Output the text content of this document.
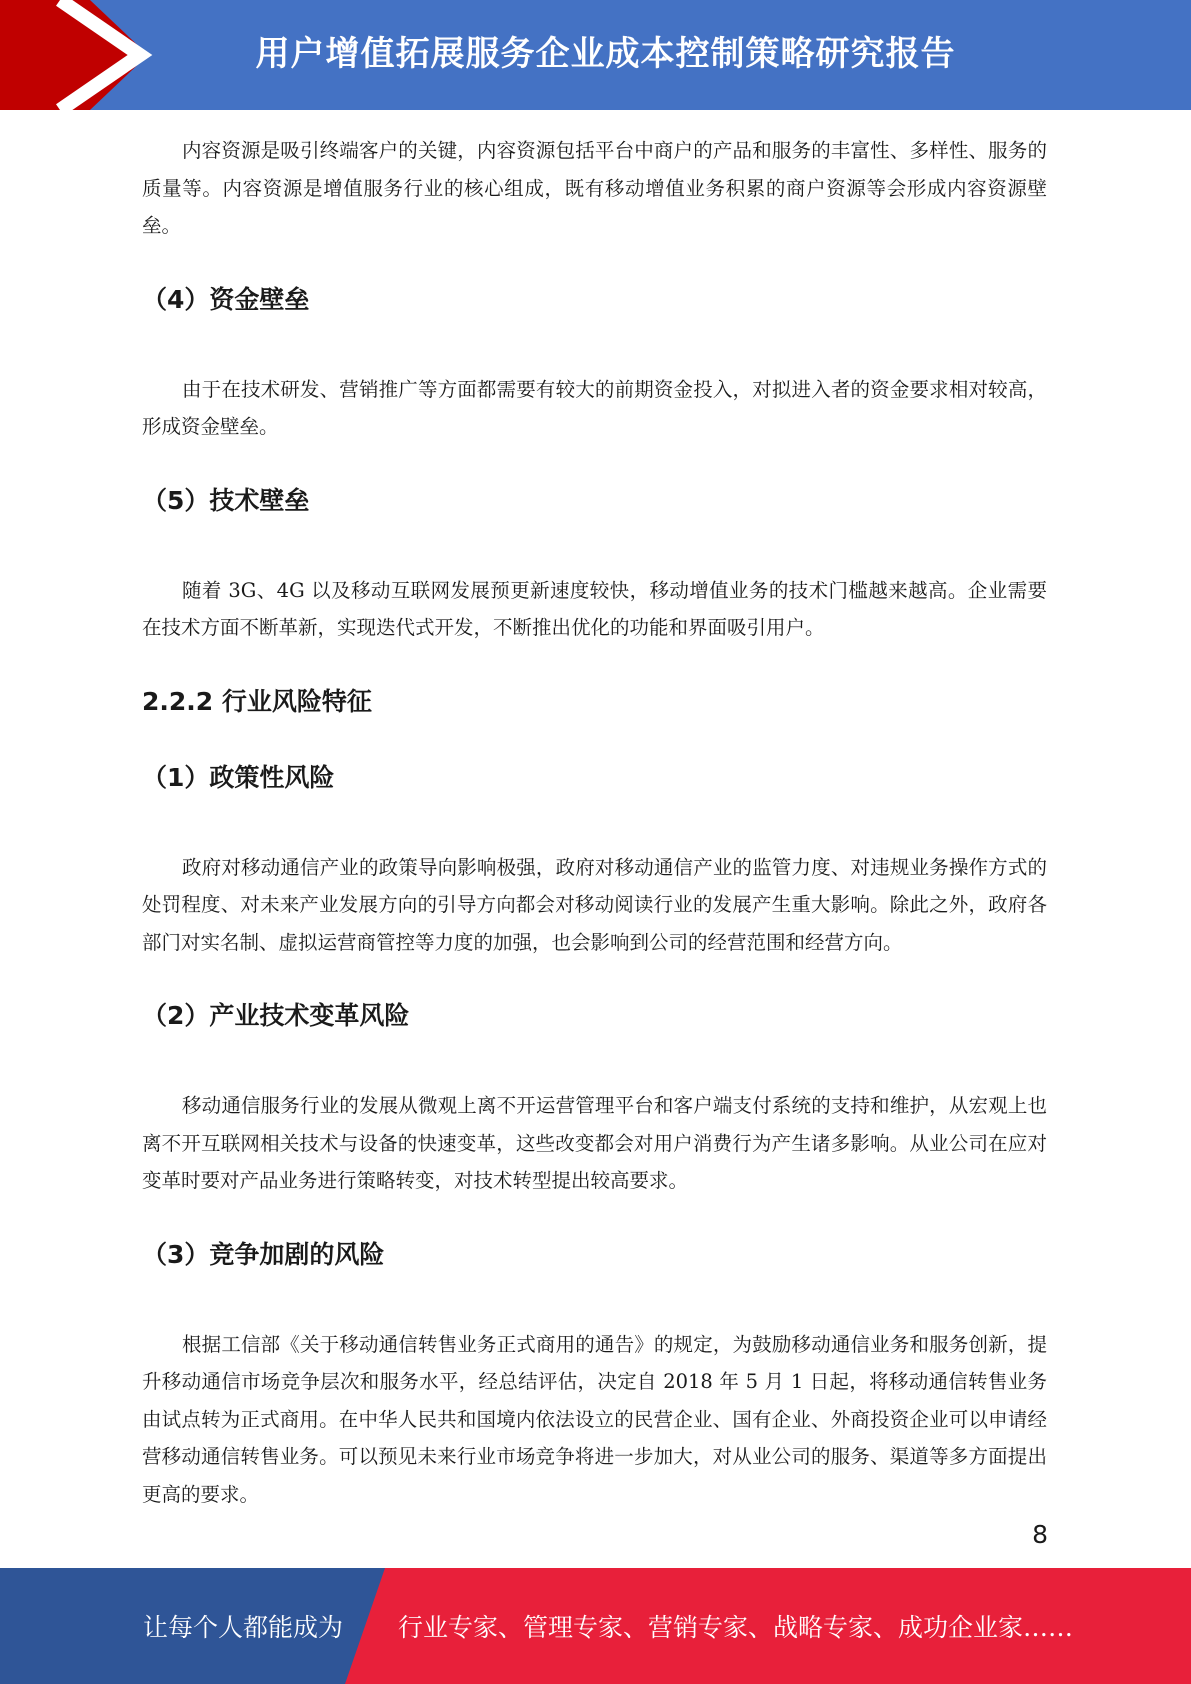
用户增值拓展服务企业成本控制策略研究报告

内容资源是吸引终端客户的关键，内容资源包括平台中商户的产品和服务的丰富性、多样性、服务的质量等。内容资源是增值服务行业的核心组成，既有移动增值业务积累的商户资源等会形成内容资源壁垒。

（4）资金壁垒

由于在技术研发、营销推广等方面都需要有较大的前期资金投入，对拟进入者的资金要求相对较高，形成资金壁垒。

（5）技术壁垒

随着 3G、4G 以及移动互联网发展预更新速度较快，移动增值业务的技术门槛越来越高。企业需要在技术方面不断革新，实现迭代式开发，不断推出优化的功能和界面吸引用户。

2.2.2 行业风险特征
（1）政策性风险

政府对移动通信产业的政策导向影响极强，政府对移动通信产业的监管力度、对违规业务操作方式的处罚程度、对未来产业发展方向的引导方向都会对移动阅读行业的发展产生重大影响。除此之外，政府各部门对实名制、虚拟运营商管控等力度的加强，也会影响到公司的经营范围和经营方向。

（2）产业技术变革风险

移动通信服务行业的发展从微观上离不开运营管理平台和客户端支付系统的支持和维护，从宏观上也离不开互联网相关技术与设备的快速变革，这些改变都会对用户消费行为产生诸多影响。从业公司在应对变革时要对产品业务进行策略转变，对技术转型提出较高要求。

（3）竞争加剧的风险

根据工信部《关于移动通信转售业务正式商用的通告》的规定，为鼓励移动通信业务和服务创新，提升移动通信市场竞争层次和服务水平，经总结评估，决定自 2018 年 5 月 1 日起，将移动通信转售业务由试点转为正式商用。在中华人民共和国境内依法设立的民营企业、国有企业、外商投资企业可以申请经营移动通信转售业务。可以预见未来行业市场竞争将进一步加大，对从业公司的服务、渠道等多方面提出更高的要求。

8
让每个人都能成为 行业专家、管理专家、营销专家、战略专家、成功企业家……
